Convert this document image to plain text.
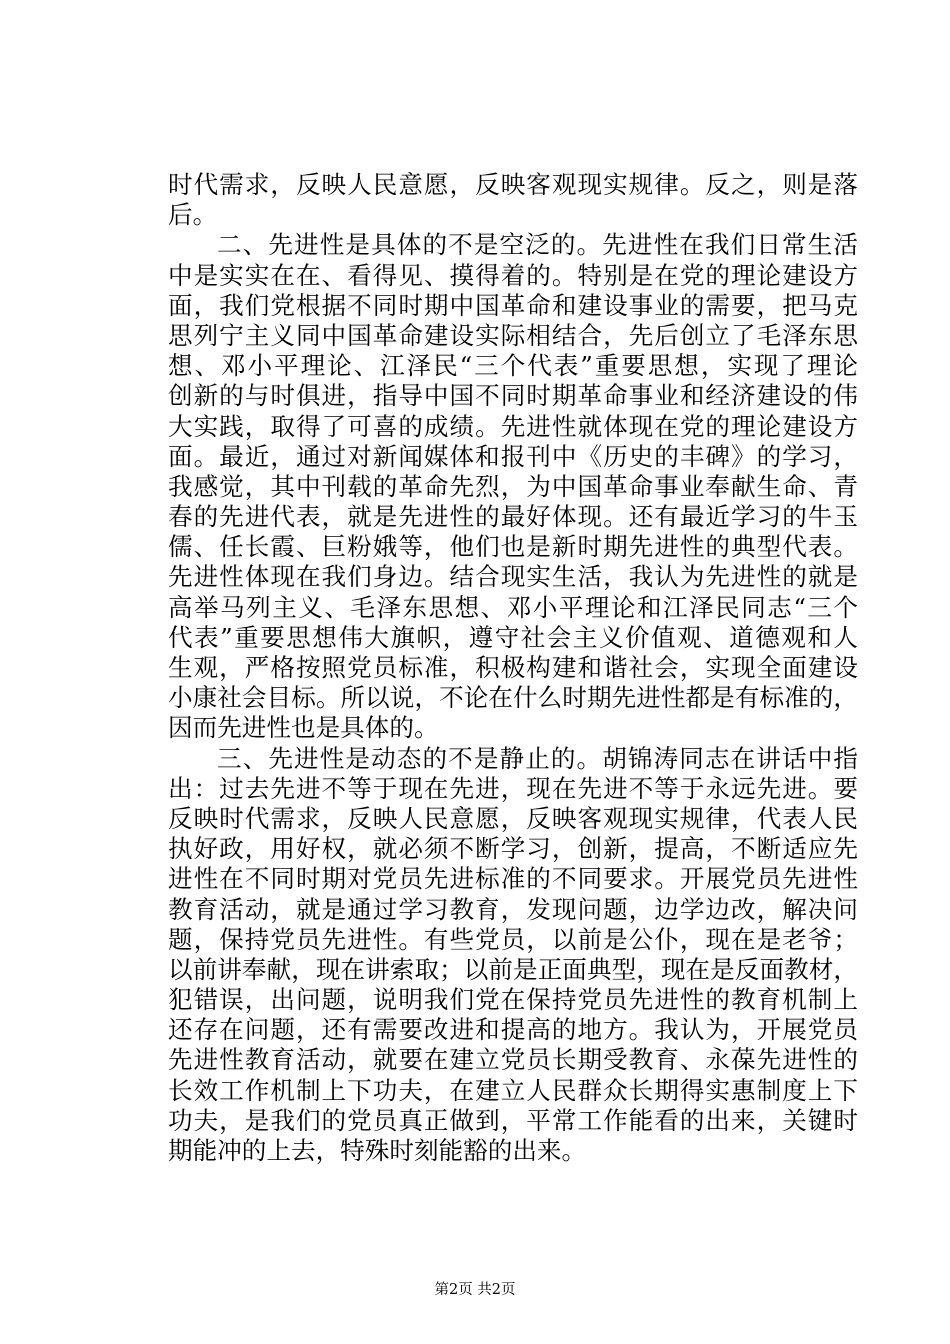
时代需求，反映人民意愿，反映客观现实规律。反之，则是落
后。
二、先进性是具体的不是空泛的。先进性在我们日常生活
中是实实在在、看得见、摸得着的。特别是在党的理论建设方
面，我们党根据不同时期中国革命和建设事业的需要，把马克
思列宁主义同中国革命建设实际相结合，先后创立了毛泽东思
想、邓小平理论、江泽民“三个代表”重要思想，实现了理论
创新的与时俱进，指导中国不同时期革命事业和经济建设的伟
大实践，取得了可喜的成绩。先进性就体现在党的理论建设方
面。最近，通过对新闻媒体和报刊中《历史的丰碑》的学习，
我感觉，其中刊载的革命先烈，为中国革命事业奉献生命、青
春的先进代表，就是先进性的最好体现。还有最近学习的牛玉
儒、任长霞、巨粉娥等，他们也是新时期先进性的典型代表。
先进性体现在我们身边。结合现实生活，我认为先进性的就是
高举马列主义、毛泽东思想、邓小平理论和江泽民同志“三个
代表”重要思想伟大旗帜，遵守社会主义价值观、道德观和人
生观，严格按照党员标准，积极构建和谐社会，实现全面建设
小康社会目标。所以说，不论在什么时期先进性都是有标准的，
因而先进性也是具体的。
三、先进性是动态的不是静止的。胡锦涛同志在讲话中指
出：过去先进不等于现在先进，现在先进不等于永远先进。要
反映时代需求，反映人民意愿，反映客观现实规律，代表人民
执好政，用好权，就必须不断学习，创新，提高，不断适应先
进性在不同时期对党员先进标准的不同要求。开展党员先进性
教育活动，就是通过学习教育，发现问题，边学边改，解决问
题，保持党员先进性。有些党员，以前是公仆，现在是老爷；
以前讲奉献，现在讲索取；以前是正面典型，现在是反面教材，
犯错误，出问题，说明我们党在保持党员先进性的教育机制上
还存在问题，还有需要改进和提高的地方。我认为，开展党员
先进性教育活动，就要在建立党员长期受教育、永葆先进性的
长效工作机制上下功夫，在建立人民群众长期得实惠制度上下
功夫，是我们的党员真正做到，平常工作能看的出来，关键时
期能冲的上去，特殊时刻能豁的出来。
第2页 共2页
